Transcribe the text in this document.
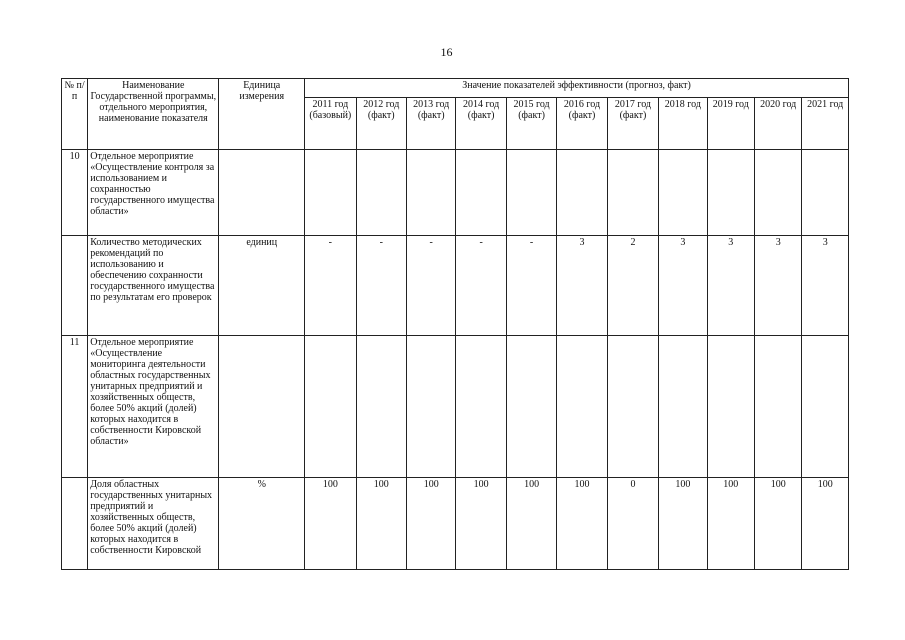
16
№ п/п	Наименование Государственной программы, отдельного мероприятия, наименование показателя	Единица измерения	Значение показателей эффективности (прогноз, факт)										
			2011 год (базовый)	2012 год (факт)	2013 год (факт)	2014 год (факт)	2015 год (факт)	2016 год (факт)	2017 год (факт)	2018 год	2019 год	2020 год	2021 год
10	Отдельное мероприятие «Осуществление контроля за использованием и сохранностью государственного имущества области»												
	Количество методических рекомендаций по использованию и обеспечению сохранности государственного имущества по результатам его проверок	единиц	-	-	-	-	-	3	2	3	3	3	3
11	Отдельное мероприятие «Осуществление мониторинга деятельности областных государственных унитарных предприятий и хозяйственных обществ, более 50% акций (долей) которых находится в собственности Кировской области»												
	Доля областных государственных унитарных предприятий и хозяйственных обществ, более 50% акций (долей) которых находится в собственности Кировской	%	100	100	100	100	100	100	0	100	100	100	100
